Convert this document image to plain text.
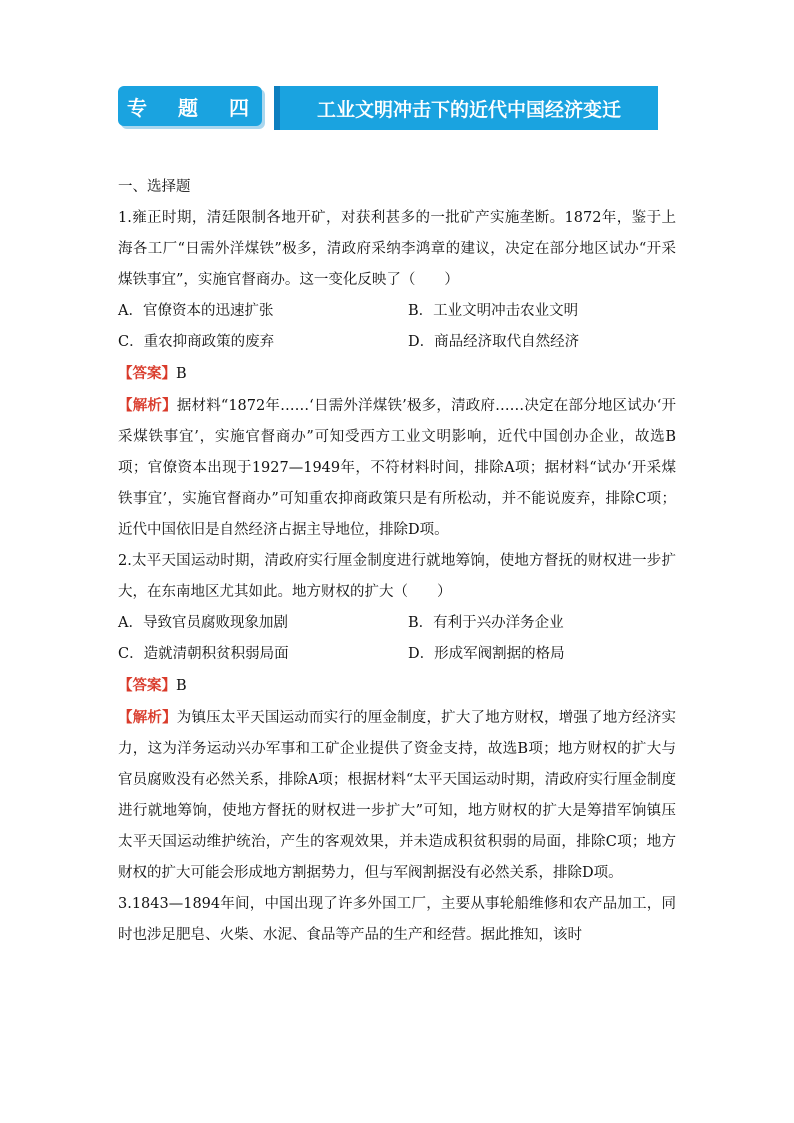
专 题 四	工业文明冲击下的近代中国经济变迁

一、选择题

1.雍正时期，清廷限制各地开矿，对获利甚多的一批矿产实施垄断。1872年，鉴于上海各工厂“日需外洋煤铁”极多，清政府采纳李鸿章的建议，决定在部分地区试办“开采煤铁事宜”，实施官督商办。这一变化反映了（　　）

A．官僚资本的迅速扩张	B．工业文明冲击农业文明
C．重农抑商政策的废弃	D．商品经济取代自然经济

【答案】B

【解析】据材料“1872年……‘日需外洋煤铁’极多，清政府……决定在部分地区试办‘开采煤铁事宜’，实施官督商办”可知受西方工业文明影响，近代中国创办企业，故选B项；官僚资本出现于1927—1949年，不符材料时间，排除A项；据材料“试办‘开采煤铁事宜’，实施官督商办”可知重农抑商政策只是有所松动，并不能说废弃，排除C项；近代中国依旧是自然经济占据主导地位，排除D项。

2.太平天国运动时期，清政府实行厘金制度进行就地筹饷，使地方督抚的财权进一步扩大，在东南地区尤其如此。地方财权的扩大（　　）

A．导致官员腐败现象加剧	B．有利于兴办洋务企业
C．造就清朝积贫积弱局面	D．形成军阀割据的格局

【答案】B

【解析】为镇压太平天国运动而实行的厘金制度，扩大了地方财权，增强了地方经济实力，这为洋务运动兴办军事和工矿企业提供了资金支持，故选B项；地方财权的扩大与官员腐败没有必然关系，排除A项；根据材料“太平天国运动时期，清政府实行厘金制度进行就地筹饷，使地方督抚的财权进一步扩大”可知，地方财权的扩大是筹措军饷镇压太平天国运动维护统治，产生的客观效果，并未造成积贫积弱的局面，排除C项；地方财权的扩大可能会形成地方割据势力，但与军阀割据没有必然关系，排除D项。

3.1843—1894年间，中国出现了许多外国工厂，主要从事轮船维修和农产品加工，同时也涉足肥皂、火柴、水泥、食品等产品的生产和经营。据此推知，该时
